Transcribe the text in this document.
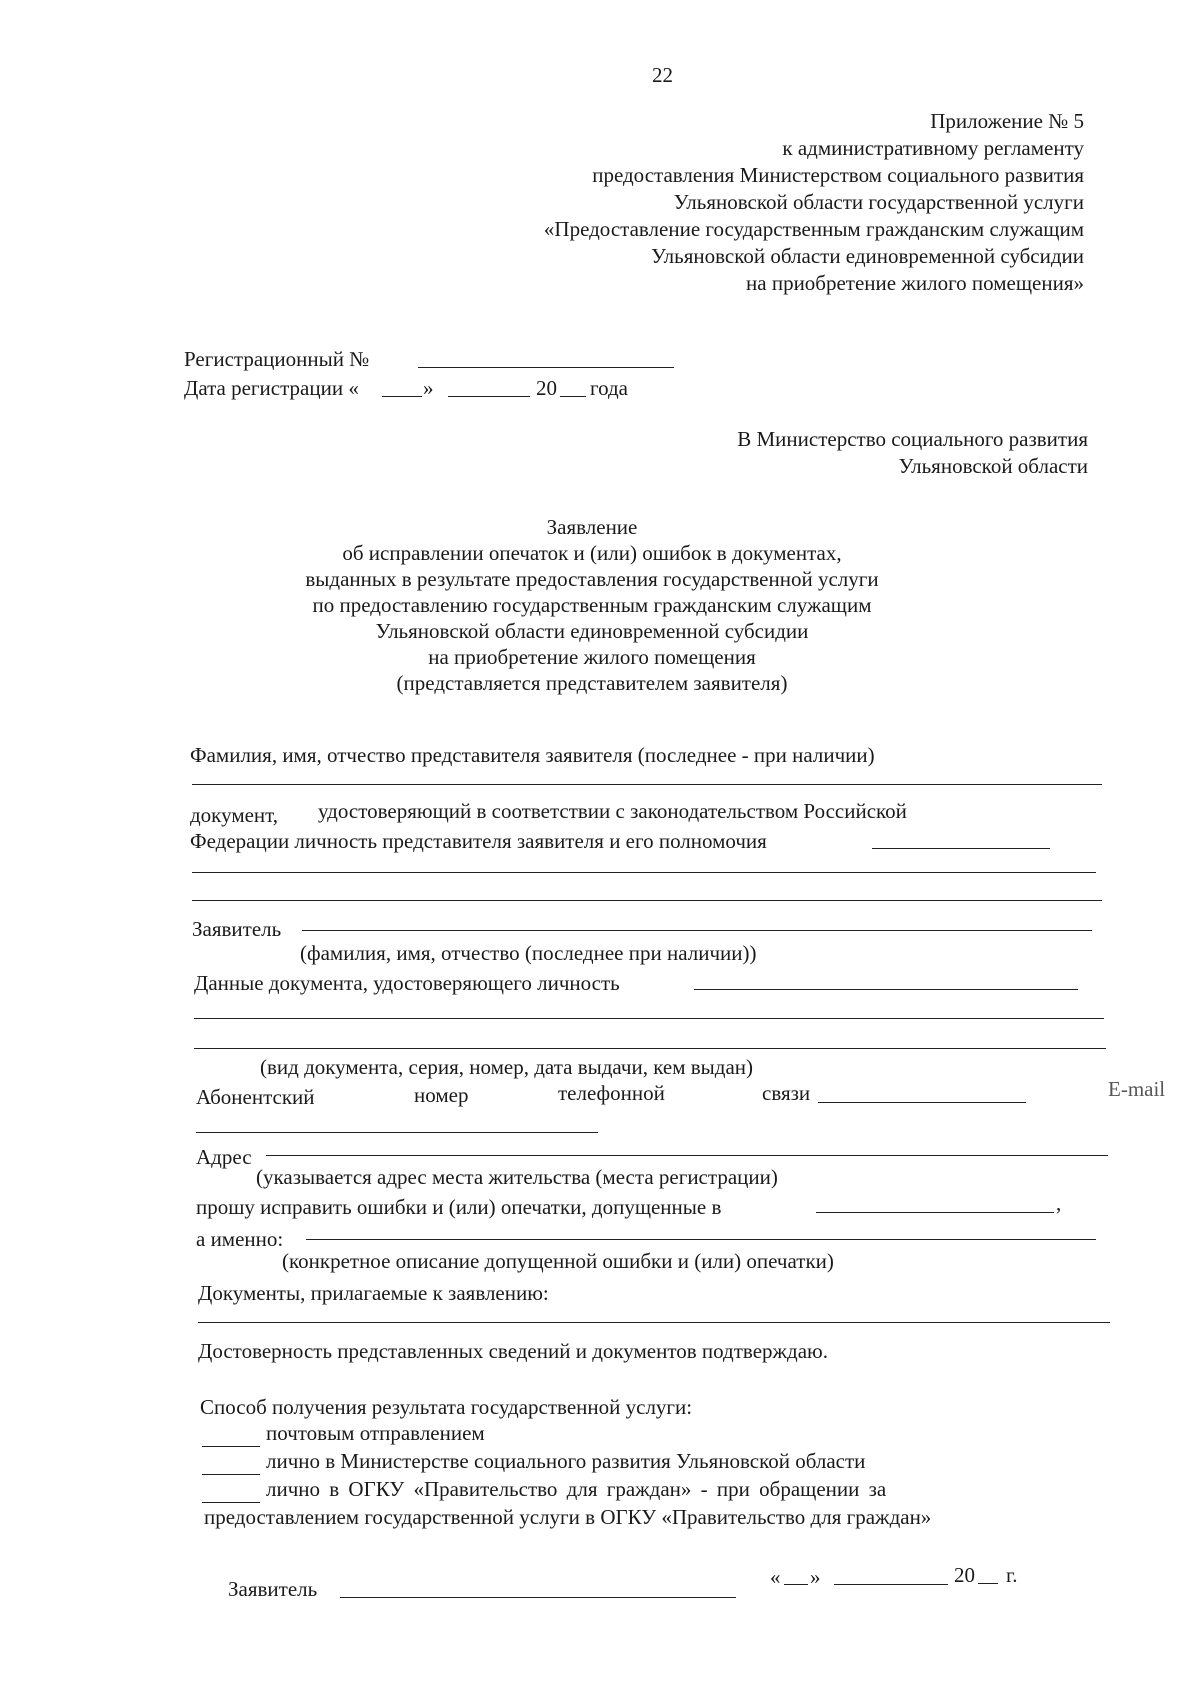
22
Приложение № 5
к административному регламенту
предоставления Министерством социального развития
Ульяновской области государственной услуги
«Предоставление государственным гражданским служащим
Ульяновской области единовременной субсидии
на приобретение жилого помещения»
Регистрационный №
Дата регистрации «	»	20 года
В Министерство социального развития
Ульяновской области
Заявление
об исправлении опечаток и (или) ошибок в документах,
выданных в результате предоставления государственной услуги
по предоставлению государственным гражданским служащим
Ульяновской области единовременной субсидии
на приобретение жилого помещения
(представляется представителем заявителя)
Фамилия, имя, отчество представителя заявителя (последнее - при наличии)
документ, удостоверяющий в соответствии с законодательством Российской
Федерации личность представителя заявителя и его полномочия
Заявитель
(фамилия, имя, отчество (последнее при наличии))
Данные документа, удостоверяющего личность
(вид документа, серия, номер, дата выдачи, кем выдан)
Абонентский	номер	телефонной	связи	E-mail
Адрес
(указывается адрес места жительства (места регистрации)
прошу исправить ошибки и (или) опечатки, допущенные в	,
а именно:
(конкретное описание допущенной ошибки и (или) опечатки)
Документы, прилагаемые к заявлению:
Достоверность представленных сведений и документов подтверждаю.
Способ получения результата государственной услуги:
почтовым отправлением
лично в Министерстве социального развития Ульяновской области
лично в ОГКУ «Правительство для граждан» - при обращении за
предоставлением государственной услуги в ОГКУ «Правительство для граждан»
Заявитель	« »	20 г.
